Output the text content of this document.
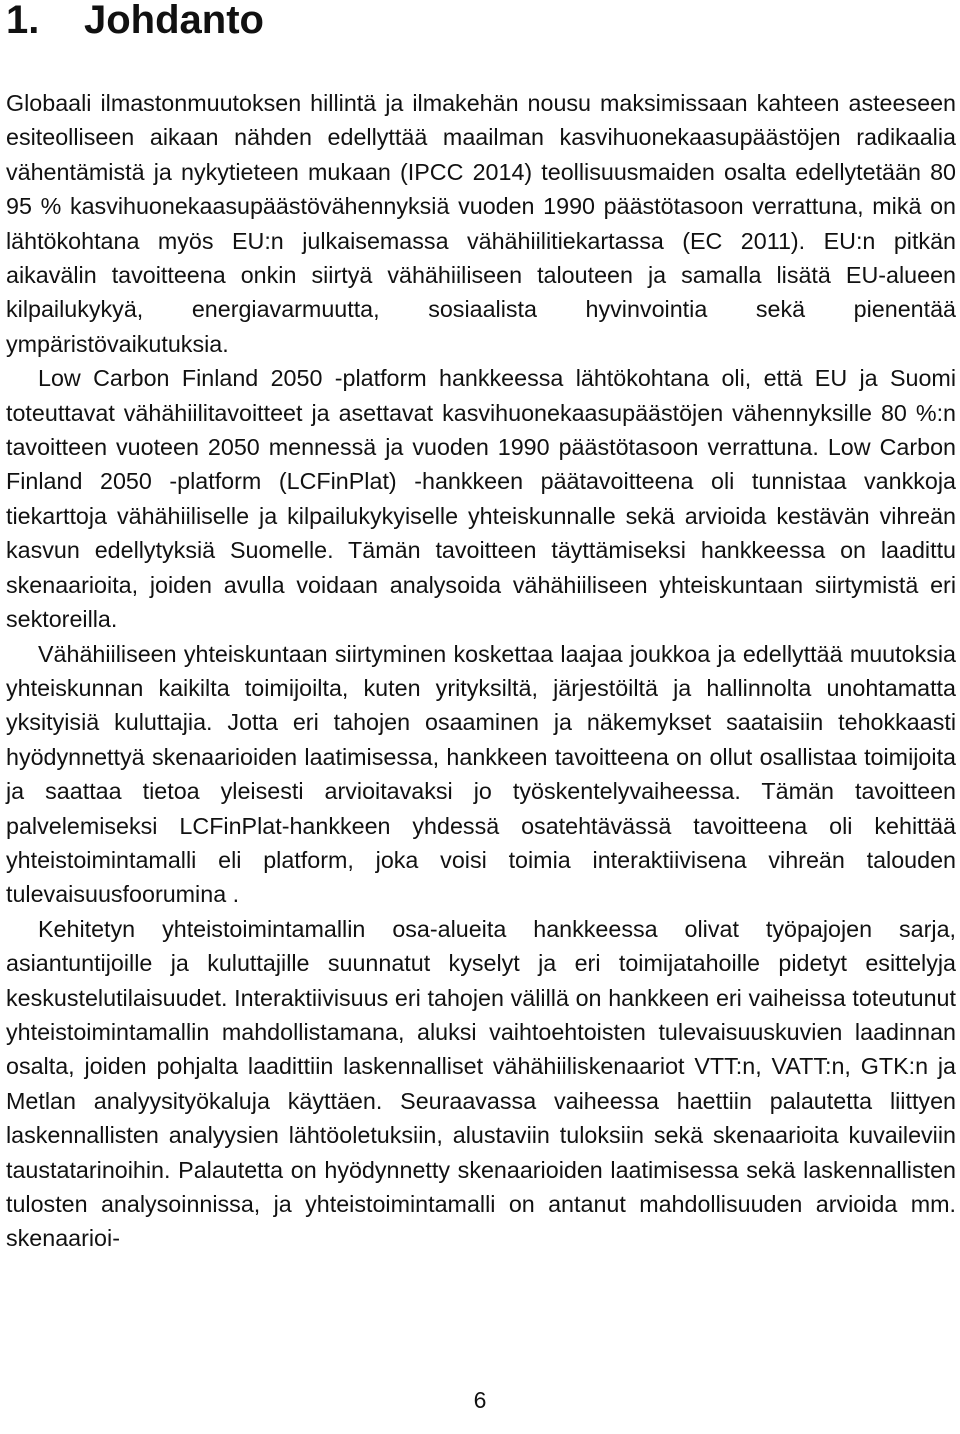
1. Johdanto

Globaali ilmastonmuutoksen hillintä ja ilmakehän nousu maksimissaan kahteen asteeseen esiteolliseen aikaan nähden edellyttää maailman kasvihuonekaasupäästöjen radikaalia vähentämistä ja nykytieteen mukaan (IPCC 2014) teollisuusmaiden osalta edellytetään 80 95 % kasvihuonekaasupäästövähennyksiä vuoden 1990 päästötasoon verrattuna, mikä on lähtökohtana myös EU:n julkaisemassa vähähiilitiekartassa (EC 2011). EU:n pitkän aikavälin tavoitteena onkin siirtyä vähähiiliseen talouteen ja samalla lisätä EU-alueen kilpailukykyä, energiavarmuutta, sosiaalista hyvinvointia sekä pienentää ympäristövaikutuksia.

Low Carbon Finland 2050 -platform hankkeessa lähtökohtana oli, että EU ja Suomi toteuttavat vähähiilitavoitteet ja asettavat kasvihuonekaasupäästöjen vähennyksille 80 %:n tavoitteen vuoteen 2050 mennessä ja vuoden 1990 päästötasoon verrattuna. Low Carbon Finland 2050 -platform (LCFinPlat) -hankkeen päätavoitteena oli tunnistaa vankkoja tiekarttoja vähähiiliselle ja kilpailukykyiselle yhteiskunnalle sekä arvioida kestävän vihreän kasvun edellytyksiä Suomelle. Tämän tavoitteen täyttämiseksi hankkeessa on laadittu skenaarioita, joiden avulla voidaan analysoida vähähiiliseen yhteiskuntaan siirtymistä eri sektoreilla.

Vähähiiliseen yhteiskuntaan siirtyminen koskettaa laajaa joukkoa ja edellyttää muutoksia yhteiskunnan kaikilta toimijoilta, kuten yrityksiltä, järjestöiltä ja hallinnolta unohtamatta yksityisiä kuluttajia. Jotta eri tahojen osaaminen ja näkemykset saataisiin tehokkaasti hyödynnettyä skenaarioiden laatimisessa, hankkeen tavoitteena on ollut osallistaa toimijoita ja saattaa tietoa yleisesti arvioitavaksi jo työskentelyvaiheessa. Tämän tavoitteen palvelemiseksi LCFinPlat-hankkeen yhdessä osatehtävässä tavoitteena oli kehittää yhteistoimintamalli eli platform, joka voisi toimia interaktiivisena vihreän talouden tulevaisuusfoorumina .

Kehitetyn yhteistoimintamallin osa-alueita hankkeessa olivat työpajojen sarja, asiantuntijoille ja kuluttajille suunnatut kyselyt ja eri toimijatahoille pidetyt esittelyja keskustelutilaisuudet. Interaktiivisuus eri tahojen välillä on hankkeen eri vaiheissa toteutunut yhteistoimintamallin mahdollistamana, aluksi vaihtoehtoisten tulevaisuuskuvien laadinnan osalta, joiden pohjalta laadittiin laskennalliset vähähiiliskenaariot VTT:n, VATT:n, GTK:n ja Metlan analyysityökaluja käyttäen. Seuraavassa vaiheessa haettiin palautetta liittyen laskennallisten analyysien lähtöoletuksiin, alustaviin tuloksiin sekä skenaarioita kuvaileviin taustatarinoihin. Palautetta on hyödynnetty skenaarioiden laatimisessa sekä laskennallisten tulosten analysoinnissa, ja yhteistoimintamalli on antanut mahdollisuuden arvioida mm. skenaarioi-

6
